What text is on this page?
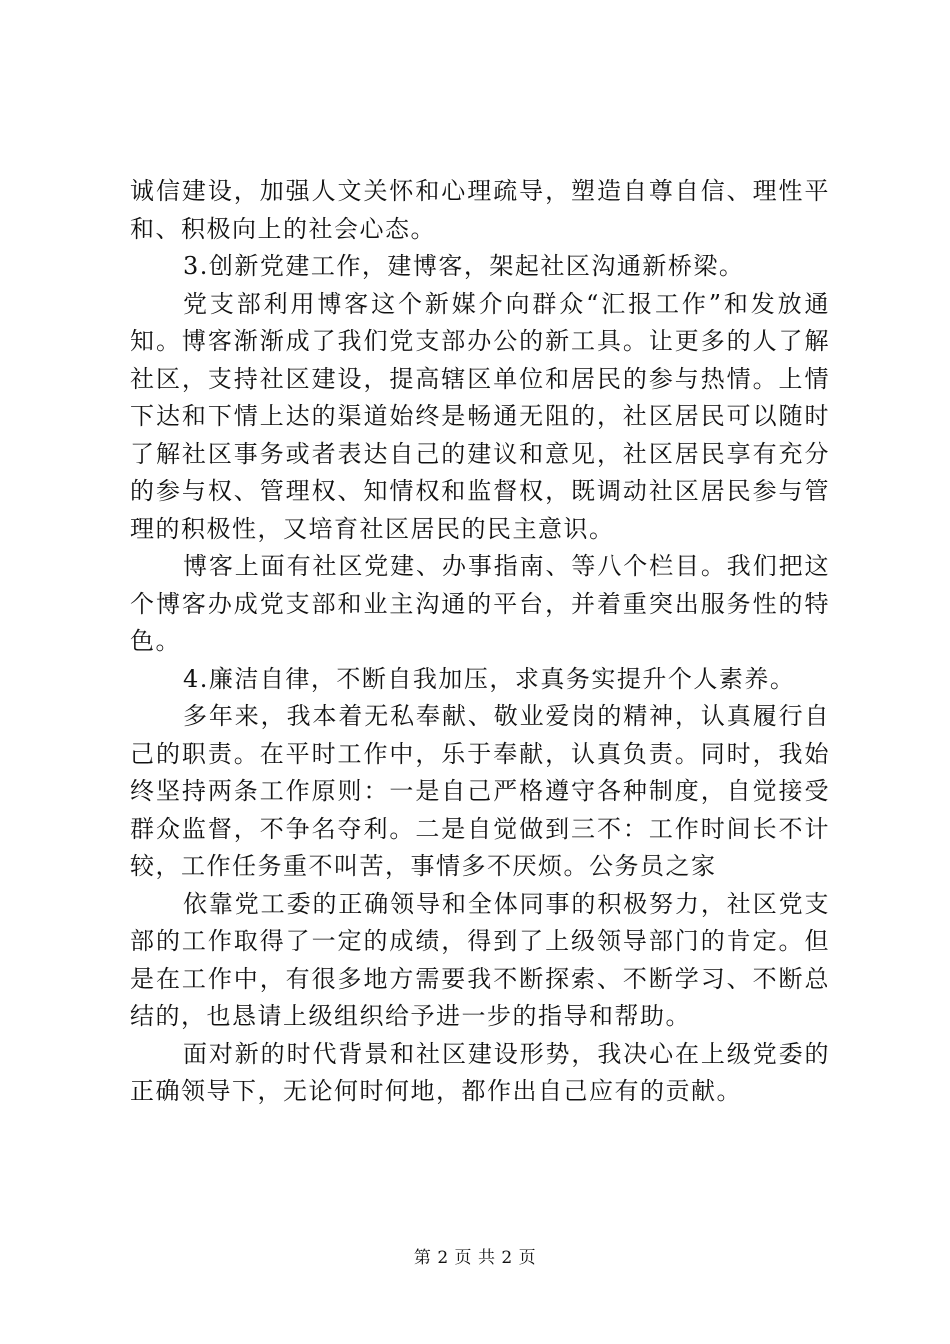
诚信建设，加强人文关怀和心理疏导，塑造自尊自信、理性平和、积极向上的社会心态。

3.创新党建工作，建博客，架起社区沟通新桥梁。

党支部利用博客这个新媒介向群众“汇报工作”和发放通知。博客渐渐成了我们党支部办公的新工具。让更多的人了解社区，支持社区建设，提高辖区单位和居民的参与热情。上情下达和下情上达的渠道始终是畅通无阻的，社区居民可以随时了解社区事务或者表达自己的建议和意见，社区居民享有充分的参与权、管理权、知情权和监督权，既调动社区居民参与管理的积极性，又培育社区居民的民主意识。

博客上面有社区党建、办事指南、等八个栏目。我们把这个博客办成党支部和业主沟通的平台，并着重突出服务性的特色。

4.廉洁自律，不断自我加压，求真务实提升个人素养。

多年来，我本着无私奉献、敬业爱岗的精神，认真履行自己的职责。在平时工作中，乐于奉献，认真负责。同时，我始终坚持两条工作原则：一是自己严格遵守各种制度，自觉接受群众监督，不争名夺利。二是自觉做到三不：工作时间长不计较，工作任务重不叫苦，事情多不厌烦。公务员之家

依靠党工委的正确领导和全体同事的积极努力，社区党支部的工作取得了一定的成绩，得到了上级领导部门的肯定。但是在工作中，有很多地方需要我不断探索、不断学习、不断总结的，也恳请上级组织给予进一步的指导和帮助。

面对新的时代背景和社区建设形势，我决心在上级党委的正确领导下，无论何时何地，都作出自己应有的贡献。

第 2 页 共 2 页
